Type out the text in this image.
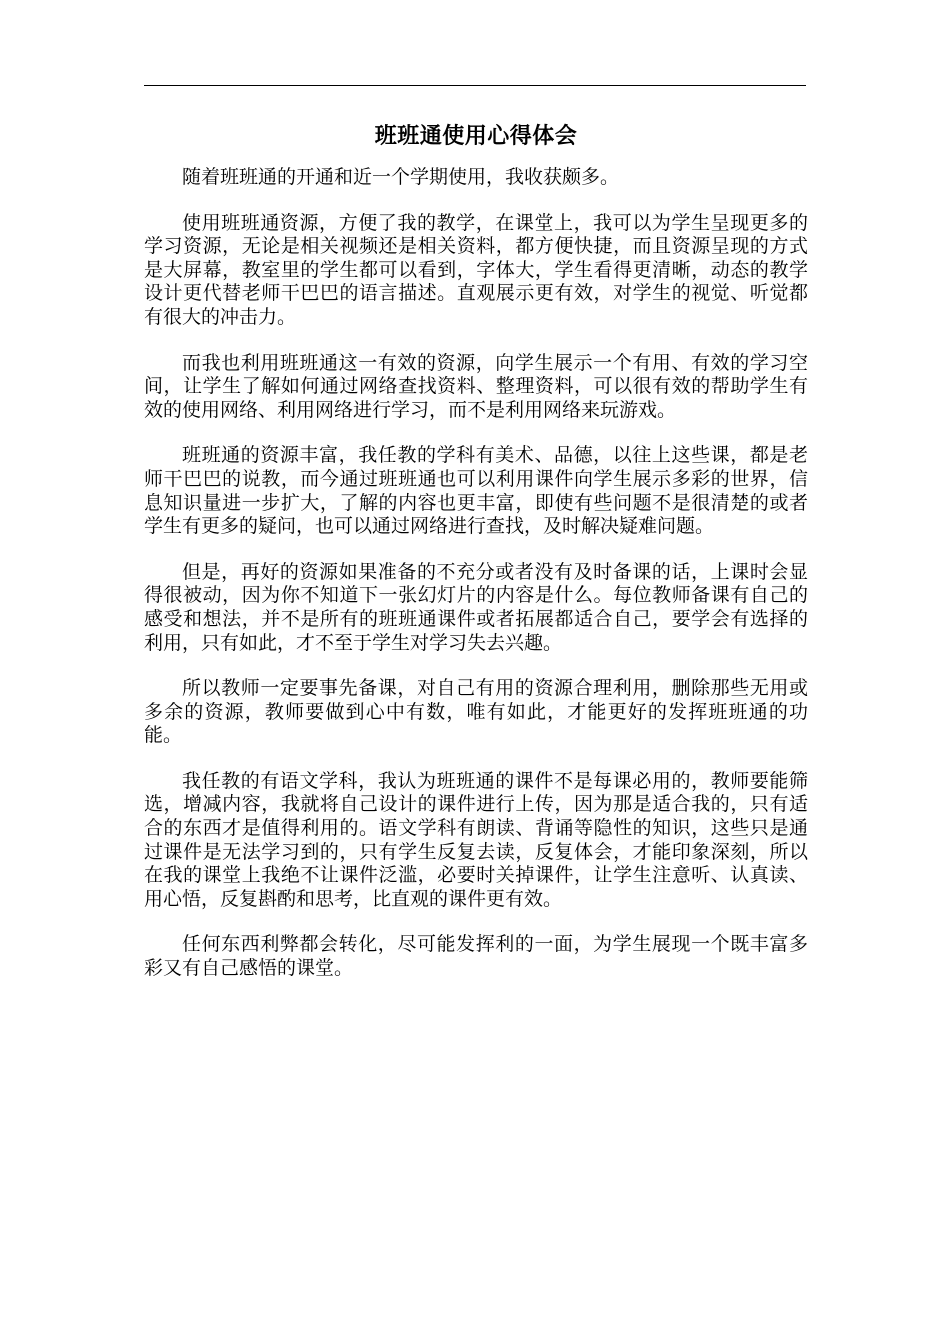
班班通使用心得体会

随着班班通的开通和近一个学期使用，我收获颇多。

使用班班通资源，方便了我的教学，在课堂上，我可以为学生呈现更多的学习资源，无论是相关视频还是相关资料，都方便快捷，而且资源呈现的方式是大屏幕，教室里的学生都可以看到，字体大，学生看得更清晰，动态的教学设计更代替老师干巴巴的语言描述。直观展示更有效，对学生的视觉、听觉都有很大的冲击力。

而我也利用班班通这一有效的资源，向学生展示一个有用、有效的学习空间，让学生了解如何通过网络查找资料、整理资料，可以很有效的帮助学生有效的使用网络、利用网络进行学习，而不是利用网络来玩游戏。

班班通的资源丰富，我任教的学科有美术、品德，以往上这些课，都是老师干巴巴的说教，而今通过班班通也可以利用课件向学生展示多彩的世界，信息知识量进一步扩大，了解的内容也更丰富，即使有些问题不是很清楚的或者学生有更多的疑问，也可以通过网络进行查找，及时解决疑难问题。

但是，再好的资源如果准备的不充分或者没有及时备课的话，上课时会显得很被动，因为你不知道下一张幻灯片的内容是什么。每位教师备课有自己的感受和想法，并不是所有的班班通课件或者拓展都适合自己，要学会有选择的利用，只有如此，才不至于学生对学习失去兴趣。

所以教师一定要事先备课，对自己有用的资源合理利用，删除那些无用或多余的资源，教师要做到心中有数，唯有如此，才能更好的发挥班班通的功能。

我任教的有语文学科，我认为班班通的课件不是每课必用的，教师要能筛选，增减内容，我就将自己设计的课件进行上传，因为那是适合我的，只有适合的东西才是值得利用的。语文学科有朗读、背诵等隐性的知识，这些只是通过课件是无法学习到的，只有学生反复去读，反复体会，才能印象深刻，所以在我的课堂上我绝不让课件泛滥，必要时关掉课件，让学生注意听、认真读、用心悟，反复斟酌和思考，比直观的课件更有效。

任何东西利弊都会转化，尽可能发挥利的一面，为学生展现一个既丰富多彩又有自己感悟的课堂。
